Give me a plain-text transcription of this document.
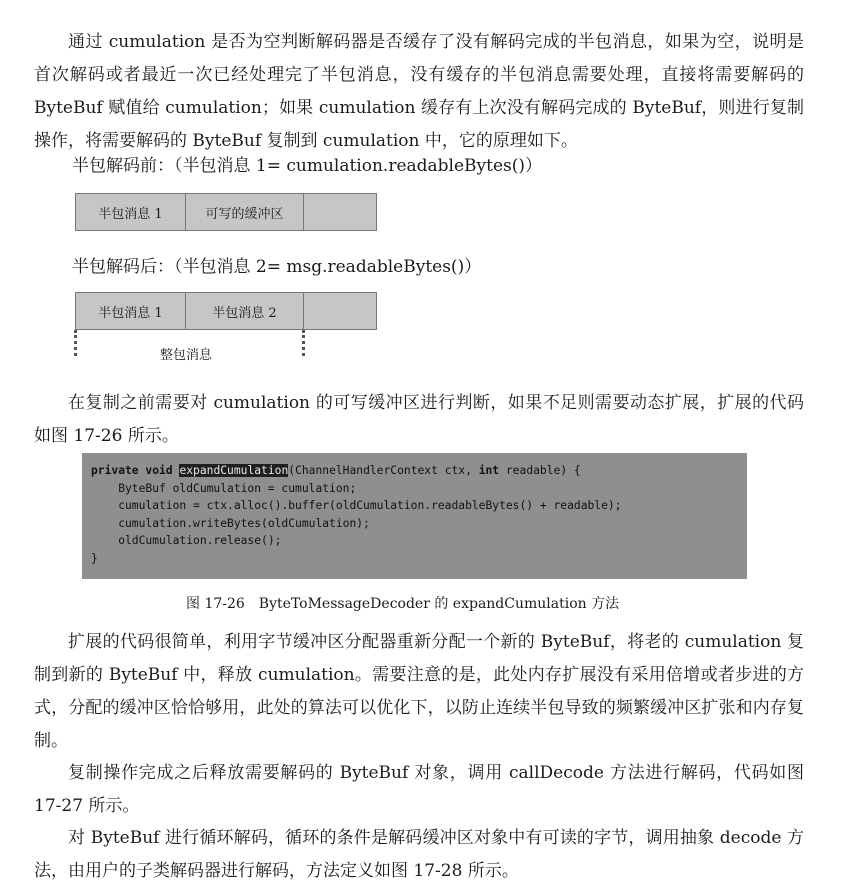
通过 cumulation 是否为空判断解码器是否缓存了没有解码完成的半包消息，如果为空，说明是首次解码或者最近一次已经处理完了半包消息，没有缓存的半包消息需要处理，直接将需要解码的 ByteBuf 赋值给 cumulation；如果 cumulation 缓存有上次没有解码完成的 ByteBuf，则进行复制操作，将需要解码的 ByteBuf 复制到 cumulation 中，它的原理如下。

半包解码前：（半包消息 1= cumulation.readableBytes()）
半包消息 1	可写的缓冲区
半包解码后：（半包消息 2= msg.readableBytes()）
半包消息 1	半包消息 2
整包消息

在复制之前需要对 cumulation 的可写缓冲区进行判断，如果不足则需要动态扩展，扩展的代码如图 17-26 所示。

private void expandCumulation(ChannelHandlerContext ctx, int readable) {
ByteBuf oldCumulation = cumulation;
cumulation = ctx.alloc().buffer(oldCumulation.readableBytes() + readable);
cumulation.writeBytes(oldCumulation);
oldCumulation.release();
}
图 17-26　ByteToMessageDecoder 的 expandCumulation 方法

扩展的代码很简单，利用字节缓冲区分配器重新分配一个新的 ByteBuf，将老的 cumulation 复制到新的 ByteBuf 中，释放 cumulation。需要注意的是，此处内存扩展没有采用倍增或者步进的方式，分配的缓冲区恰恰够用，此处的算法可以优化下，以防止连续半包导致的频繁缓冲区扩张和内存复制。

复制操作完成之后释放需要解码的 ByteBuf 对象，调用 callDecode 方法进行解码，代码如图 17-27 所示。

对 ByteBuf 进行循环解码，循环的条件是解码缓冲区对象中有可读的字节，调用抽象 decode 方法，由用户的子类解码器进行解码，方法定义如图 17-28 所示。
